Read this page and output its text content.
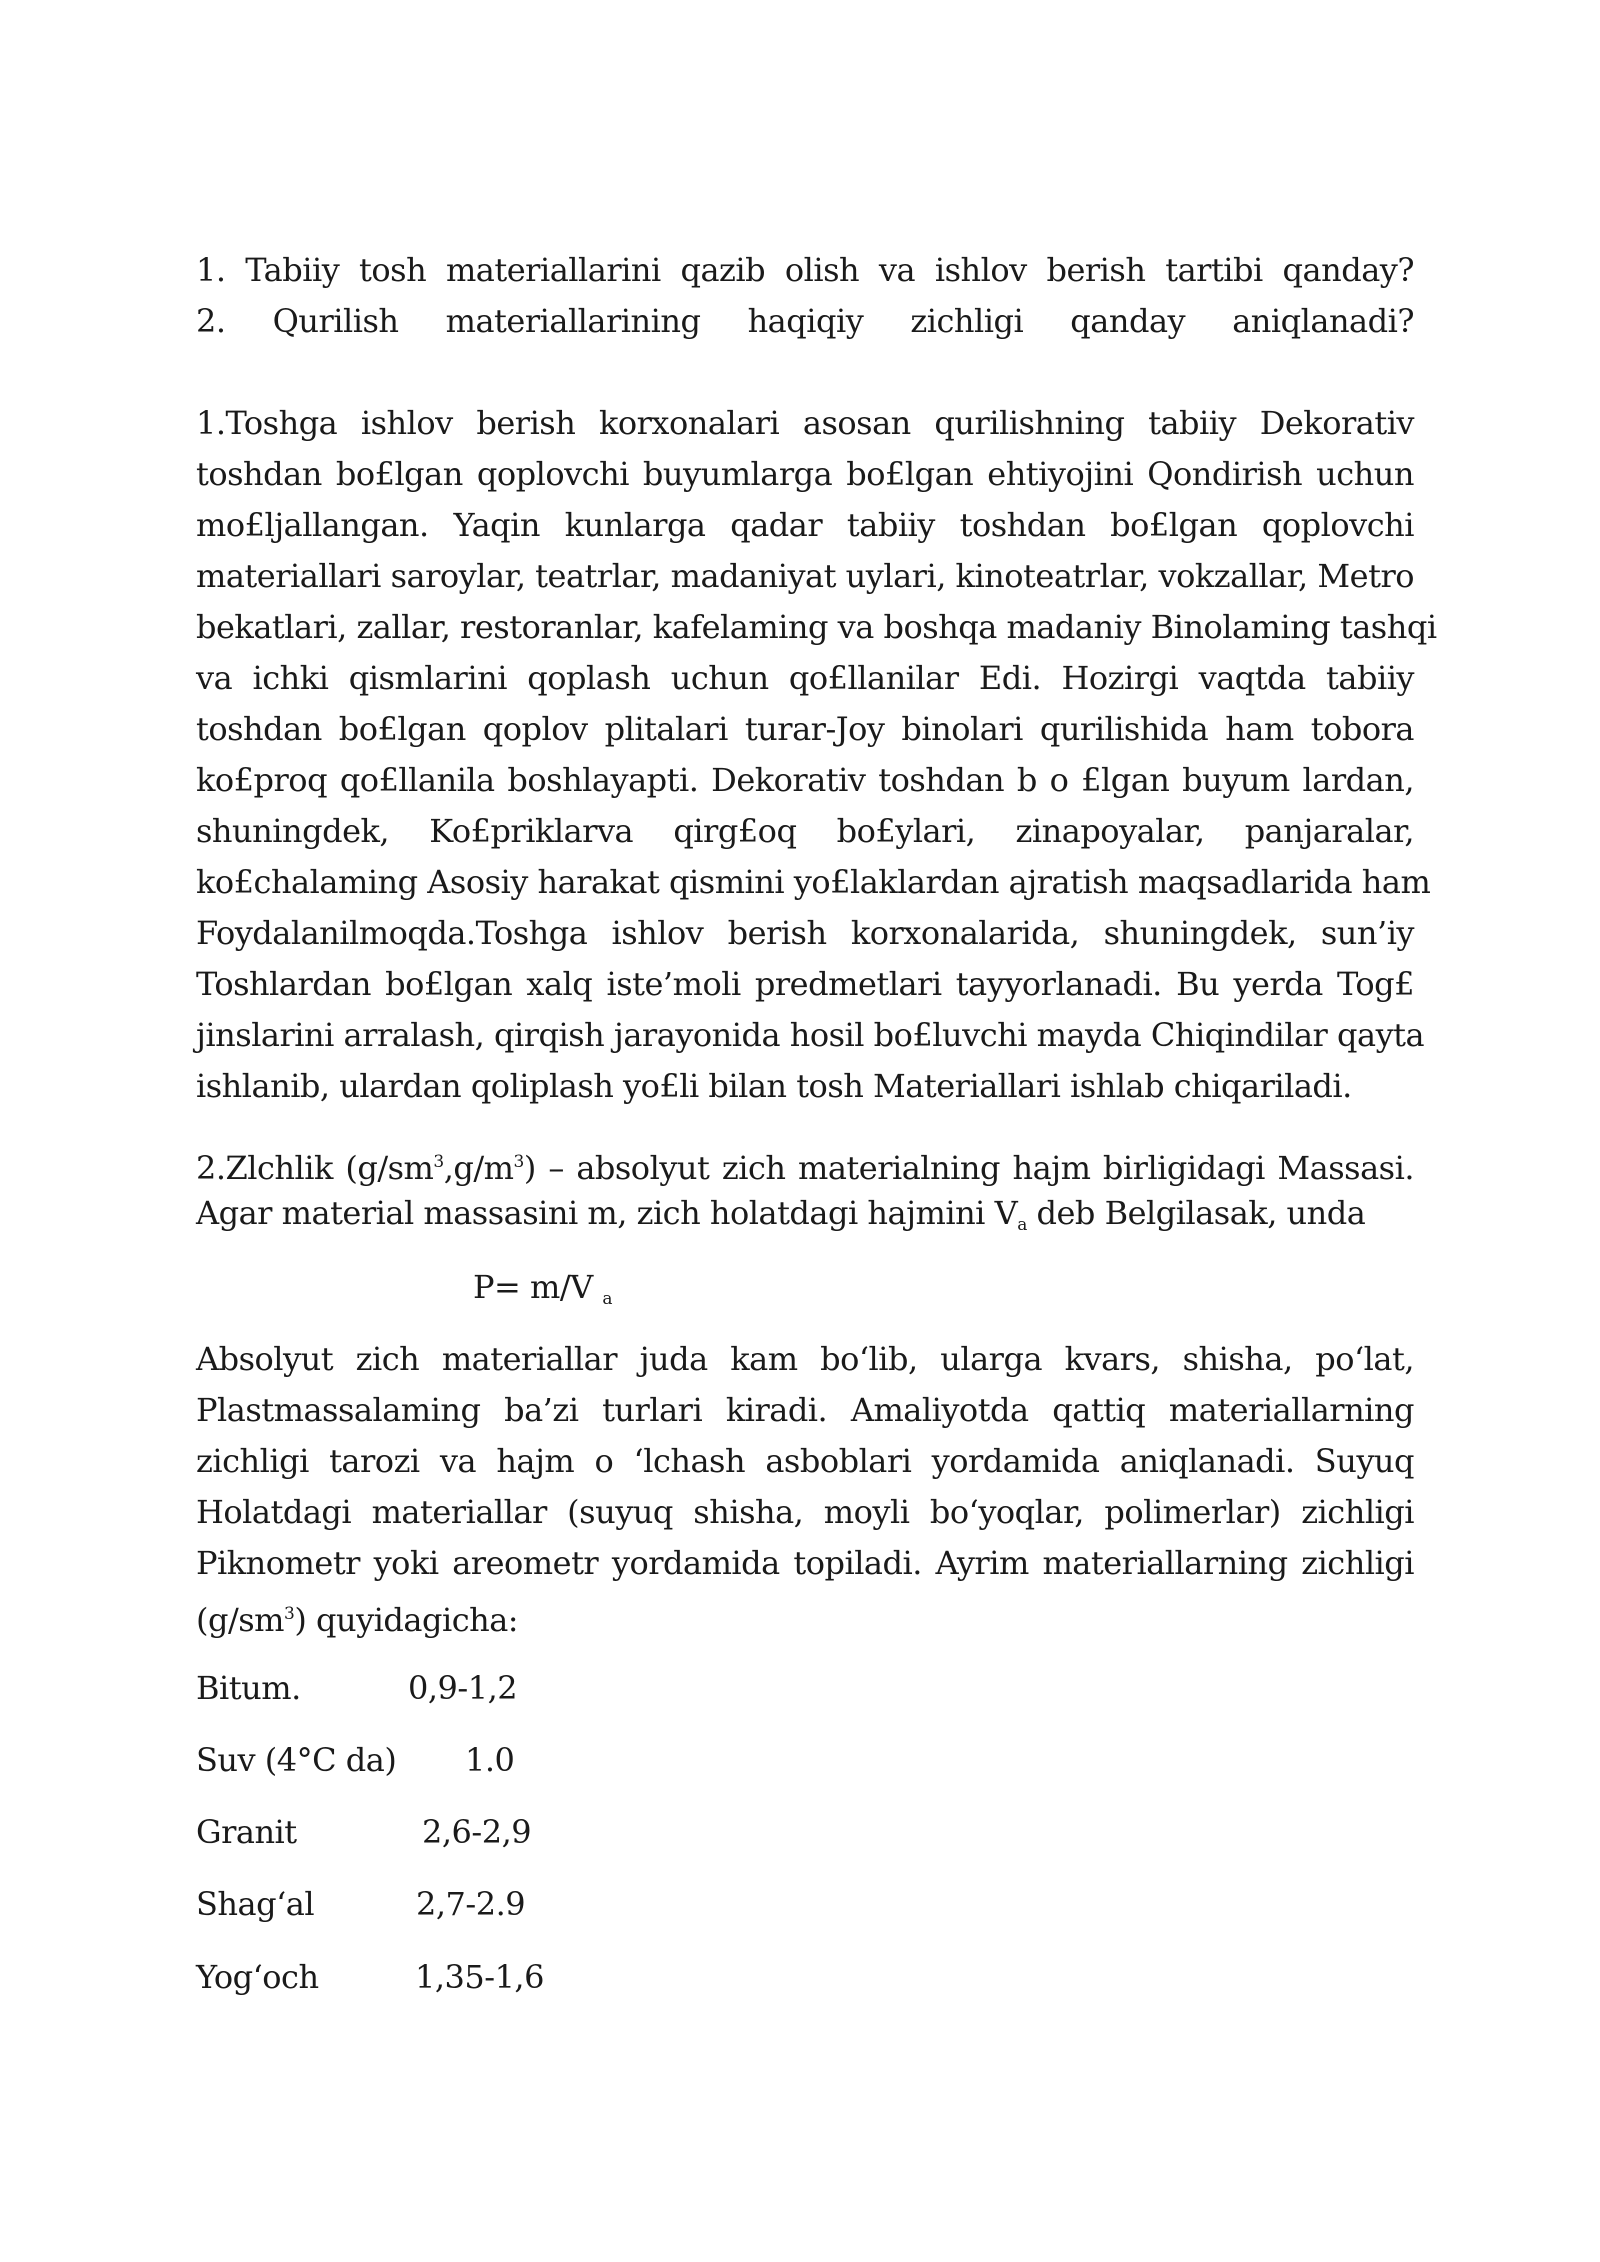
1. Tabiiy tosh materiallarini qazib olish va ishlov berish tartibi qanday?
2. Qurilish materiallarining haqiqiy zichligi qanday aniqlanadi?
1.Toshga ishlov berish korxonalari asosan qurilishning tabiiy Dekorativ
toshdan bo£lgan qoplovchi buyumlarga bo£lgan ehtiyojini Qondirish uchun
mo£ljallangan. Yaqin kunlarga qadar tabiiy toshdan bo£lgan qoplovchi
materiallari saroylar, teatrlar, madaniyat uylari, kinoteatrlar, vokzallar, Metro
bekatlari, zallar, restoranlar, kafelaming va boshqa madaniy Binolaming tashqi
va ichki qismlarini qoplash uchun qo£llanilar Edi. Hozirgi vaqtda tabiiy
toshdan bo£lgan qoplov plitalari turar-Joy binolari qurilishida ham tobora
ko£proq qo£llanila boshlayapti. Dekorativ toshdan b o £lgan buyum lardan,
shuningdek, Ko£priklarva qirg£oq bo£ylari, zinapoyalar, panjaralar,
ko£chalaming Asosiy harakat qismini yo£laklardan ajratish maqsadlarida ham
Foydalanilmoqda.Toshga ishlov berish korxonalarida, shuningdek, sun’iy
Toshlardan bo£lgan xalq iste’moli predmetlari tayyorlanadi. Bu yerda Tog£
jinslarini arralash, qirqish jarayonida hosil bo£luvchi mayda Chiqindilar qayta
ishlanib, ulardan qoliplash yo£li bilan tosh Materiallari ishlab chiqariladi.
2.Zlchlik $(g/sm^3,g/m^3)$ – absolyut zich materialning hajm birligidagi Massasi.
Agar material massasini m, zich holatdagi hajmini $V_a$ deb Belgilasak, unda
P= m/V $_a$
Absolyut zich materiallar juda kam bo‘lib, ularga kvars, shisha, po‘lat,
Plastmassalaming ba’zi turlari kiradi. Amaliyotda qattiq materiallarning
zichligi tarozi va hajm o ‘lchash asboblari yordamida aniqlanadi. Suyuq
Holatdagi materiallar (suyuq shisha, moyli bo‘yoqlar, polimerlar) zichligi
Piknometr yoki areometr yordamida topiladi. Ayrim materiallarning zichligi
$(g/sm^3)$ quyidagicha:
Bitum.	0,9-1,2
Suv (4°C da) 1.0
Granit	2,6-2,9
Shag‘al	2,7-2.9
Yog‘och	1,35-1,6
